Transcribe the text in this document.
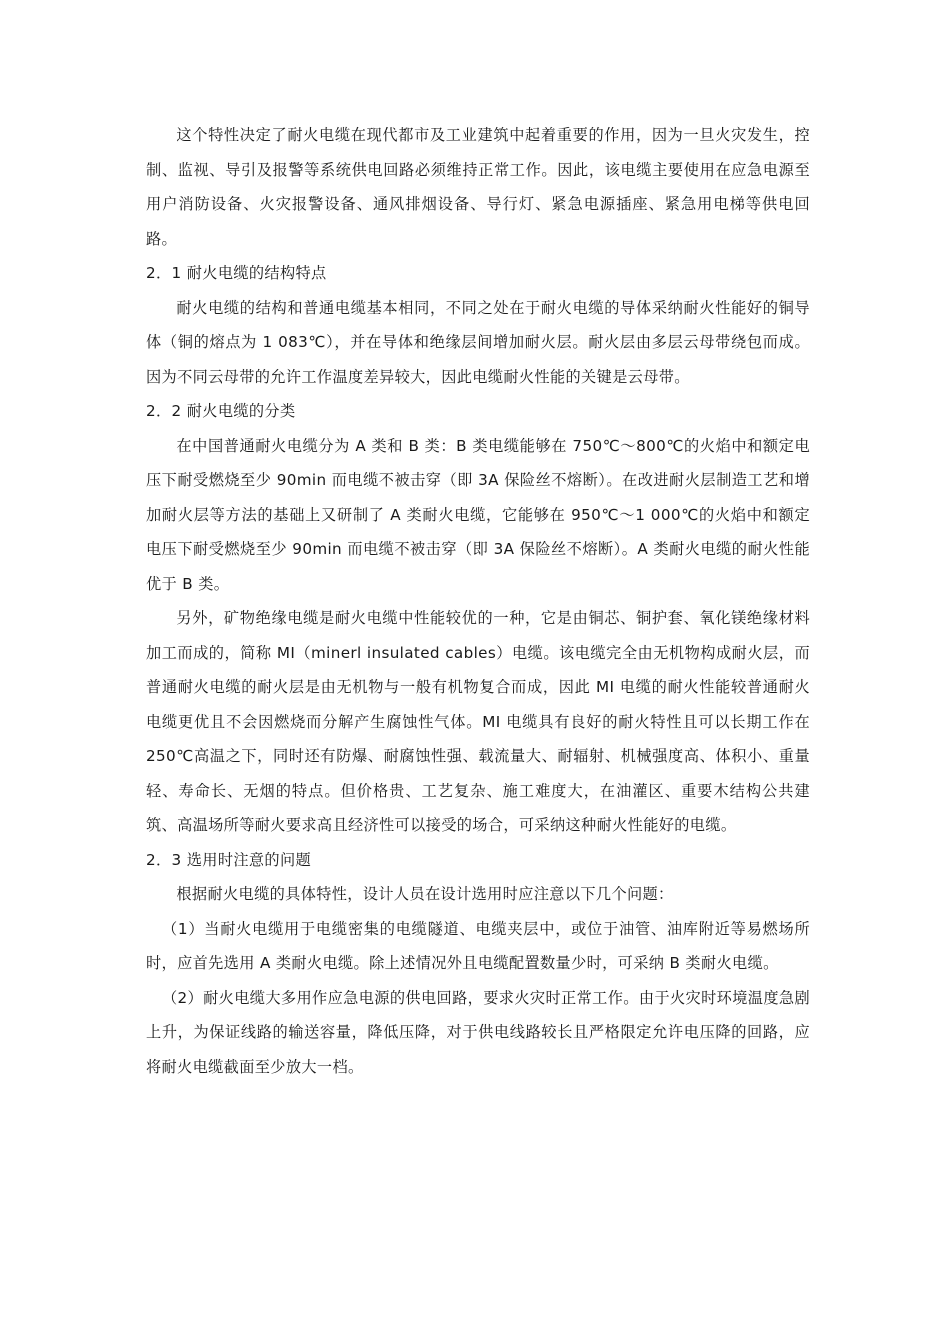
这个特性决定了耐火电缆在现代都市及工业建筑中起着重要的作用，因为一旦火灾发生，控制、监视、导引及报警等系统供电回路必须维持正常工作。因此，该电缆主要使用在应急电源至用户消防设备、火灾报警设备、通风排烟设备、导行灯、紧急电源插座、紧急用电梯等供电回路。

2．1 耐火电缆的结构特点

耐火电缆的结构和普通电缆基本相同，不同之处在于耐火电缆的导体采纳耐火性能好的铜导体（铜的熔点为 1 083℃），并在导体和绝缘层间增加耐火层。耐火层由多层云母带绕包而成。因为不同云母带的允许工作温度差异较大，因此电缆耐火性能的关键是云母带。

2．2 耐火电缆的分类

在中国普通耐火电缆分为 A 类和 B 类：B 类电缆能够在 750℃～800℃的火焰中和额定电压下耐受燃烧至少 90min 而电缆不被击穿（即 3A 保险丝不熔断）。在改进耐火层制造工艺和增加耐火层等方法的基础上又研制了 A 类耐火电缆，它能够在 950℃～1 000℃的火焰中和额定电压下耐受燃烧至少 90min 而电缆不被击穿（即 3A 保险丝不熔断）。A 类耐火电缆的耐火性能优于 B 类。

另外，矿物绝缘电缆是耐火电缆中性能较优的一种，它是由铜芯、铜护套、氧化镁绝缘材料加工而成的，简称 MI（minerl insulated cables）电缆。该电缆完全由无机物构成耐火层，而普通耐火电缆的耐火层是由无机物与一般有机物复合而成，因此 MI 电缆的耐火性能较普通耐火电缆更优且不会因燃烧而分解产生腐蚀性气体。MI 电缆具有良好的耐火特性且可以长期工作在 250℃高温之下，同时还有防爆、耐腐蚀性强、载流量大、耐辐射、机械强度高、体积小、重量轻、寿命长、无烟的特点。但价格贵、工艺复杂、施工难度大，在油灌区、重要木结构公共建筑、高温场所等耐火要求高且经济性可以接受的场合，可采纳这种耐火性能好的电缆。

2．3 选用时注意的问题

根据耐火电缆的具体特性，设计人员在设计选用时应注意以下几个问题：

（1）当耐火电缆用于电缆密集的电缆隧道、电缆夹层中，或位于油管、油库附近等易燃场所时，应首先选用 A 类耐火电缆。除上述情况外且电缆配置数量少时，可采纳 B 类耐火电缆。

（2）耐火电缆大多用作应急电源的供电回路，要求火灾时正常工作。由于火灾时环境温度急剧上升，为保证线路的输送容量，降低压降，对于供电线路较长且严格限定允许电压降的回路，应将耐火电缆截面至少放大一档。
